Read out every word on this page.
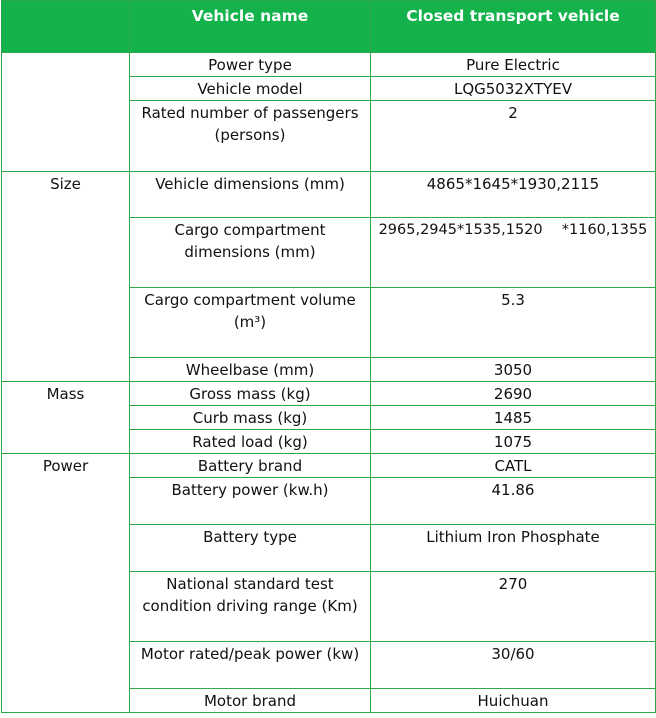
	Vehicle name	Closed transport vehicle
	Power type	Pure Electric
	Vehicle model	LQG5032XTYEV
	Rated number of passengers (persons)	2
Size	Vehicle dimensions (mm)	4865*1645*1930,2115
	Cargo compartment dimensions (mm)	2965,2945*1535,1520　 *1160,1355
	Cargo compartment volume (m³)	5.3
	Wheelbase (mm)	3050
Mass	Gross mass (kg)	2690
	Curb mass (kg)	1485
	Rated load (kg)	1075
Power	Battery brand	CATL
	Battery power (kw.h)	41.86
	Battery type	Lithium Iron Phosphate
	National standard test condition driving range (Km)	270
	Motor rated/peak power (kw)	30/60
	Motor brand	Huichuan
